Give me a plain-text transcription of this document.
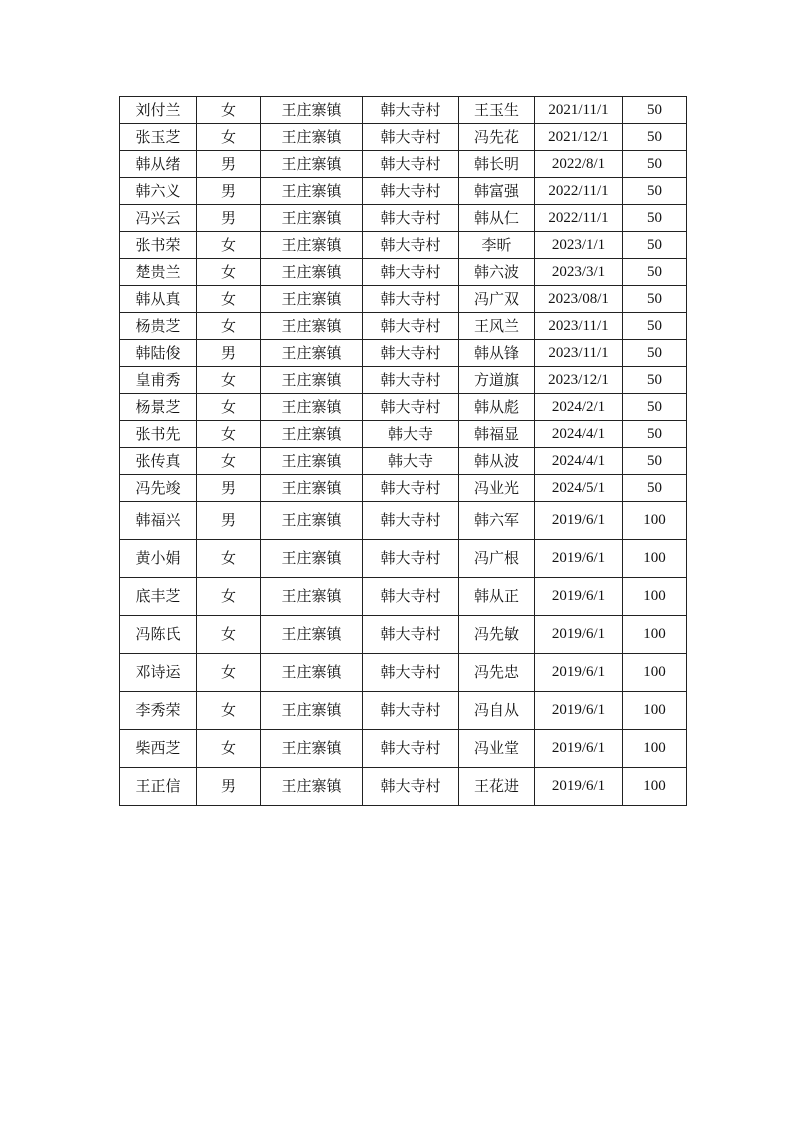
刘付兰	女	王庄寨镇	韩大寺村	王玉生	2021/11/1	50
张玉芝	女	王庄寨镇	韩大寺村	冯先花	2021/12/1	50
韩从绪	男	王庄寨镇	韩大寺村	韩长明	2022/8/1	50
韩六义	男	王庄寨镇	韩大寺村	韩富强	2022/11/1	50
冯兴云	男	王庄寨镇	韩大寺村	韩从仁	2022/11/1	50
张书荣	女	王庄寨镇	韩大寺村	李昕	2023/1/1	50
楚贵兰	女	王庄寨镇	韩大寺村	韩六波	2023/3/1	50
韩从真	女	王庄寨镇	韩大寺村	冯广双	2023/08/1	50
杨贵芝	女	王庄寨镇	韩大寺村	王风兰	2023/11/1	50
韩陆俊	男	王庄寨镇	韩大寺村	韩从锋	2023/11/1	50
皇甫秀	女	王庄寨镇	韩大寺村	方道旗	2023/12/1	50
杨景芝	女	王庄寨镇	韩大寺村	韩从彪	2024/2/1	50
张书先	女	王庄寨镇	韩大寺	韩福显	2024/4/1	50
张传真	女	王庄寨镇	韩大寺	韩从波	2024/4/1	50
冯先竣	男	王庄寨镇	韩大寺村	冯业光	2024/5/1	50
韩福兴	男	王庄寨镇	韩大寺村	韩六军	2019/6/1	100
黄小娟	女	王庄寨镇	韩大寺村	冯广根	2019/6/1	100
底丰芝	女	王庄寨镇	韩大寺村	韩从正	2019/6/1	100
冯陈氏	女	王庄寨镇	韩大寺村	冯先敏	2019/6/1	100
邓诗运	女	王庄寨镇	韩大寺村	冯先忠	2019/6/1	100
李秀荣	女	王庄寨镇	韩大寺村	冯自从	2019/6/1	100
柴西芝	女	王庄寨镇	韩大寺村	冯业堂	2019/6/1	100
王正信	男	王庄寨镇	韩大寺村	王花进	2019/6/1	100
